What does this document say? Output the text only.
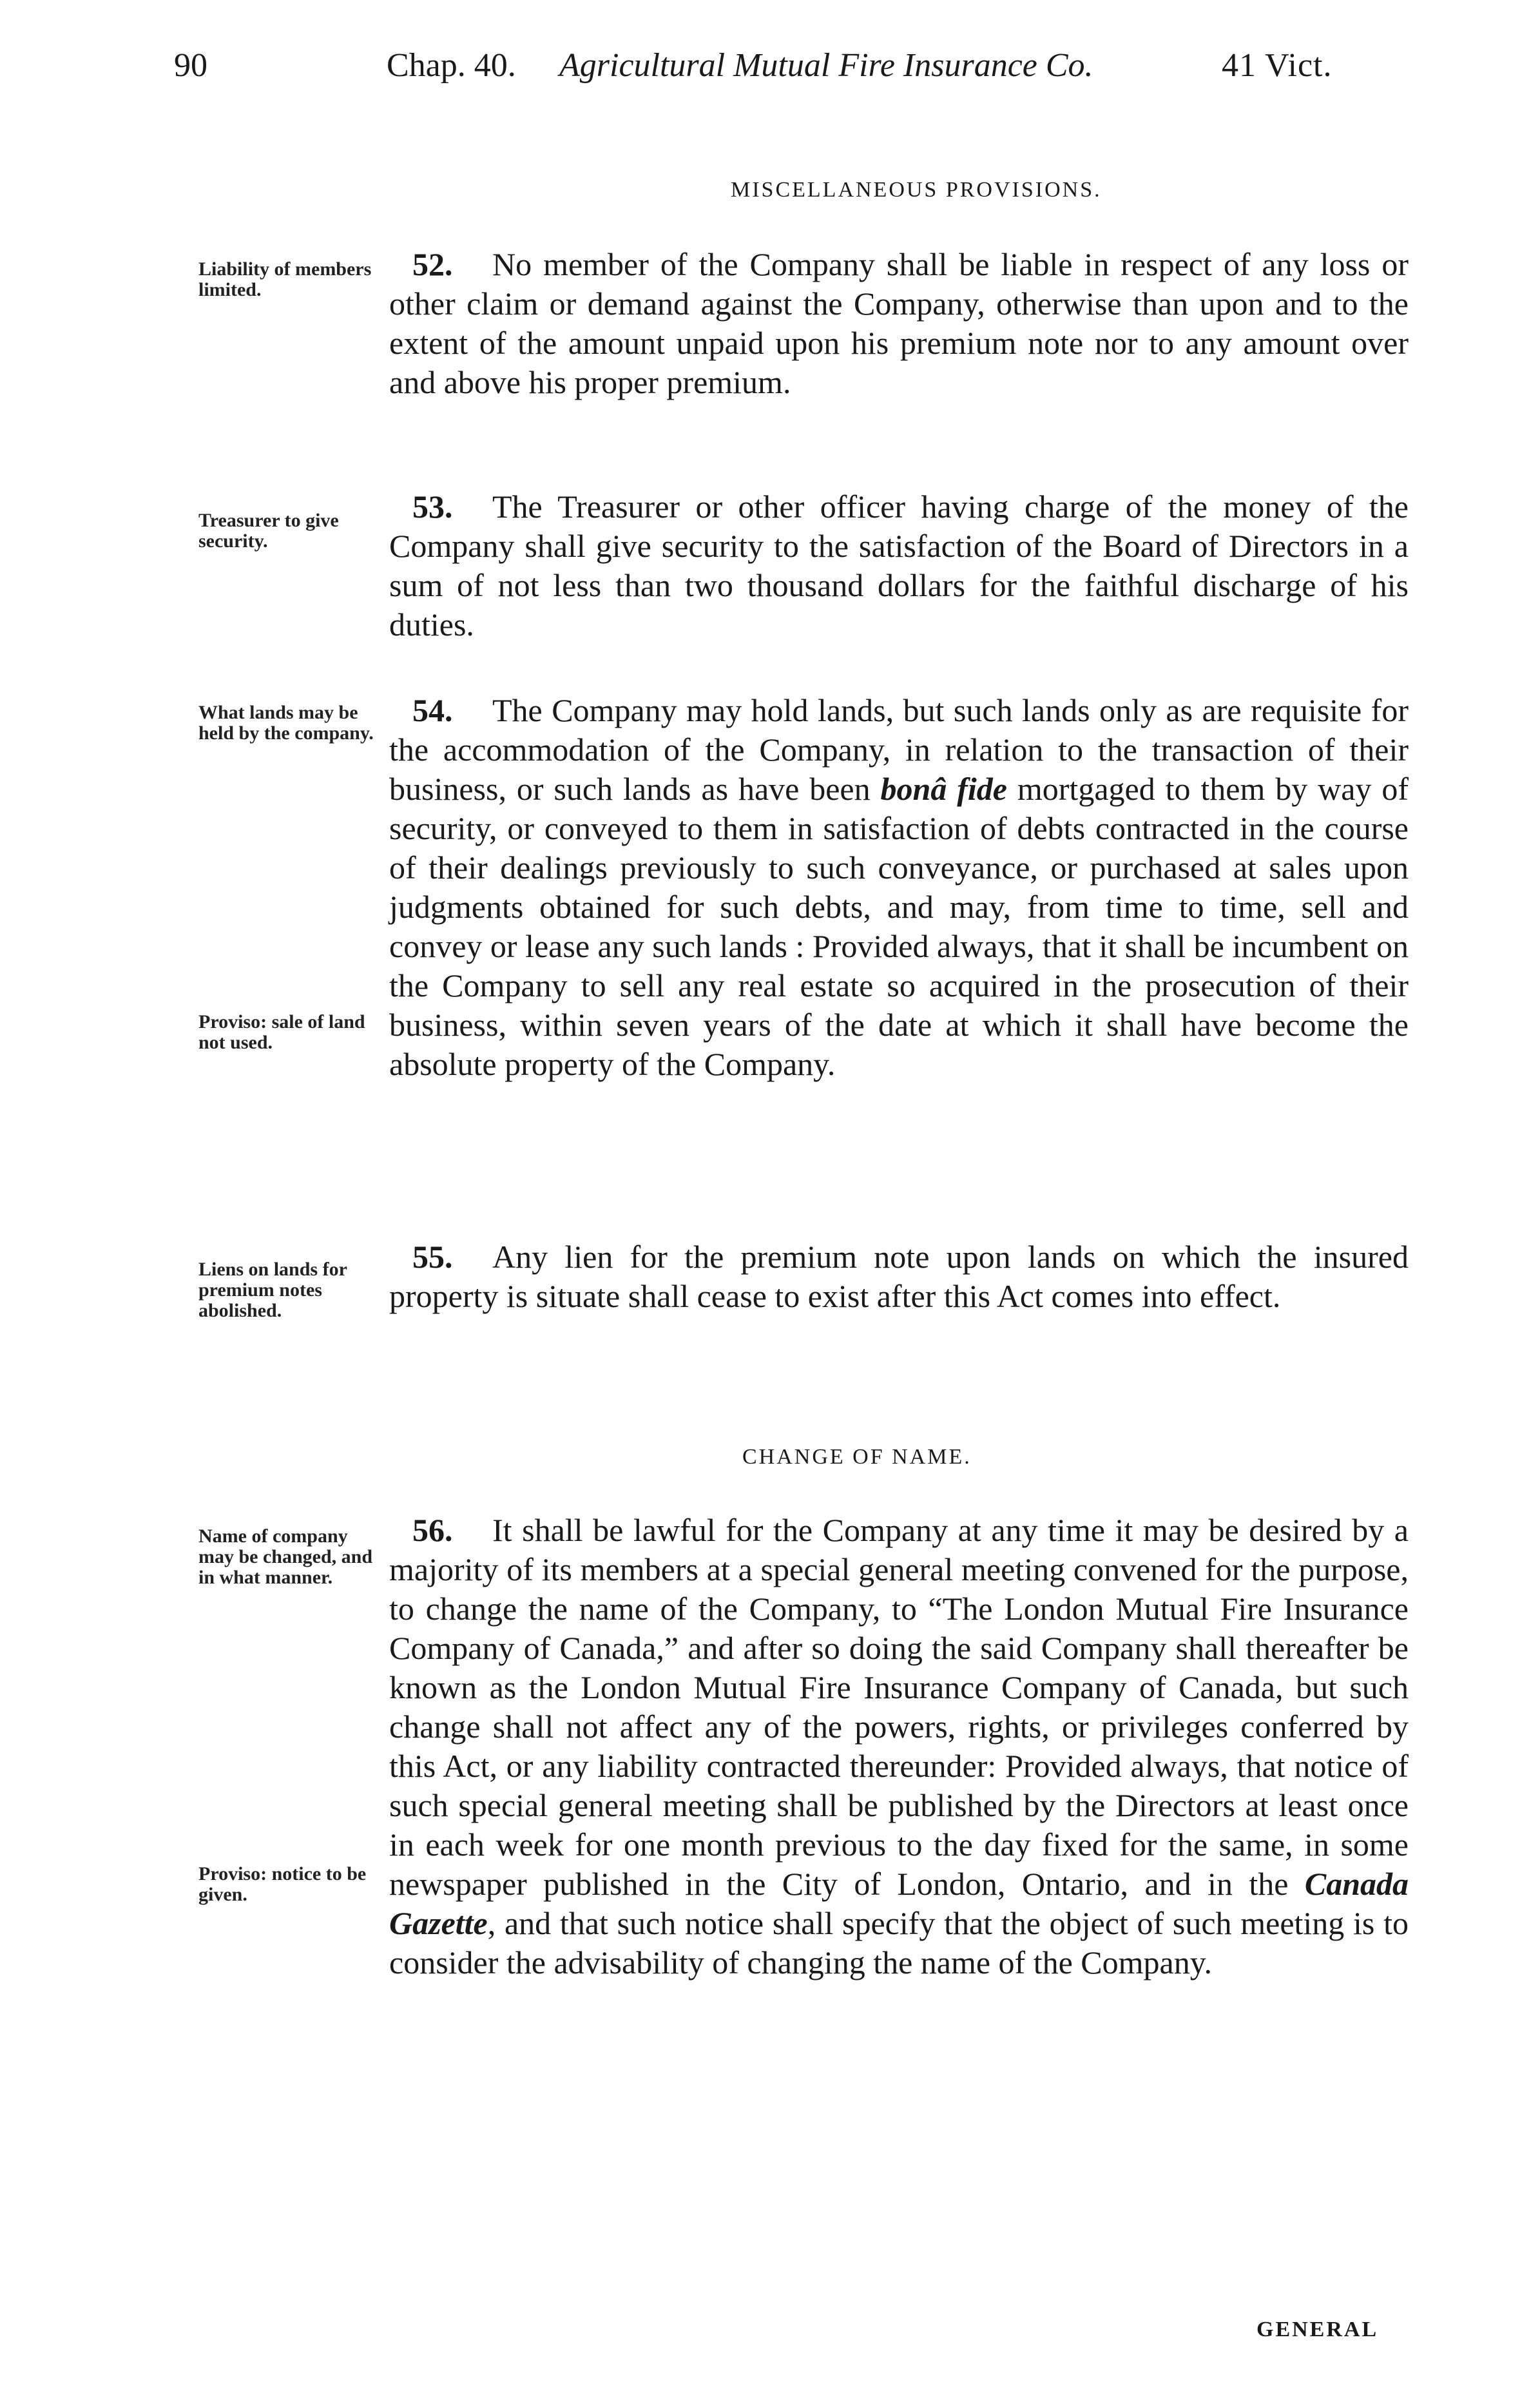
90	Chap. 40. Agricultural Mutual Fire Insurance Co.	41 Vict.
MISCELLANEOUS PROVISIONS.
Liability of members limited.
52. No member of the Company shall be liable in respect of any loss or other claim or demand against the Company, otherwise than upon and to the extent of the amount unpaid upon his premium note nor to any amount over and above his proper premium.
Treasurer to give security.
53. The Treasurer or other officer having charge of the money of the Company shall give security to the satisfaction of the Board of Directors in a sum of not less than two thousand dollars for the faithful discharge of his duties.
What lands may be held by the company.
Proviso: sale of land not used.
54. The Company may hold lands, but such lands only as are requisite for the accommodation of the Company, in relation to the transaction of their business, or such lands as have been bonâ fide mortgaged to them by way of security, or conveyed to them in satisfaction of debts contracted in the course of their dealings previously to such conveyance, or purchased at sales upon judgments obtained for such debts, and may, from time to time, sell and convey or lease any such lands : Provided always, that it shall be incumbent on the Company to sell any real estate so acquired in the prosecution of their business, within seven years of the date at which it shall have become the absolute property of the Company.
Liens on lands for premium notes abolished.
55. Any lien for the premium note upon lands on which the insured property is situate shall cease to exist after this Act comes into effect.
CHANGE OF NAME.
Name of company may be changed, and in what manner.
Proviso: notice to be given.
56. It shall be lawful for the Company at any time it may be desired by a majority of its members at a special general meeting convened for the purpose, to change the name of the Company, to “The London Mutual Fire Insurance Company of Canada,” and after so doing the said Company shall thereafter be known as the London Mutual Fire Insurance Company of Canada, but such change shall not affect any of the powers, rights, or privileges conferred by this Act, or any liability contracted thereunder: Provided always, that notice of such special general meeting shall be published by the Directors at least once in each week for one month previous to the day fixed for the same, in some newspaper published in the City of London, Ontario, and in the Canada Gazette, and that such notice shall specify that the object of such meeting is to consider the advisability of changing the name of the Company.
GENERAL
